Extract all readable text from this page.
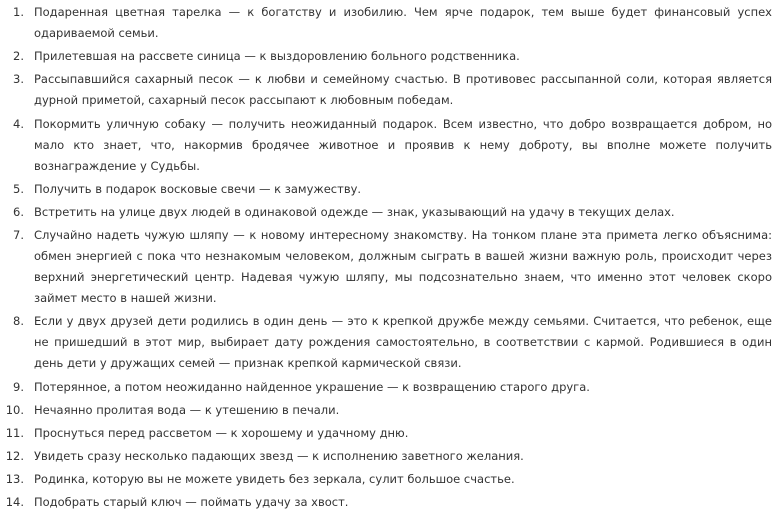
1. Подаренная цветная тарелка — к богатству и изобилию. Чем ярче подарок, тем выше будет финансовый успех одариваемой семьи.
2. Прилетевшая на рассвете синица — к выздоровлению больного родственника.
3. Рассыпавшийся сахарный песок — к любви и семейному счастью. В противовес рассыпанной соли, которая является дурной приметой, сахарный песок рассыпают к любовным победам.
4. Покормить уличную собаку — получить неожиданный подарок. Всем известно, что добро возвращается добром, но мало кто знает, что, накормив бродячее животное и проявив к нему доброту, вы вполне можете получить вознаграждение у Судьбы.
5. Получить в подарок восковые свечи — к замужеству.
6. Встретить на улице двух людей в одинаковой одежде — знак, указывающий на удачу в текущих делах.
7. Случайно надеть чужую шляпу — к новому интересному знакомству. На тонком плане эта примета легко объяснима: обмен энергией с пока что незнакомым человеком, должным сыграть в вашей жизни важную роль, происходит через верхний энергетический центр. Надевая чужую шляпу, мы подсознательно знаем, что именно этот человек скоро займет место в нашей жизни.
8. Если у двух друзей дети родились в один день — это к крепкой дружбе между семьями. Считается, что ребенок, еще не пришедший в этот мир, выбирает дату рождения самостоятельно, в соответствии с кармой. Родившиеся в один день дети у дружащих семей — признак крепкой кармической связи.
9. Потерянное, а потом неожиданно найденное украшение — к возвращению старого друга.
10. Нечаянно пролитая вода — к утешению в печали.
11. Проснуться перед рассветом — к хорошему и удачному дню.
12. Увидеть сразу несколько падающих звезд — к исполнению заветного желания.
13. Родинка, которую вы не можете увидеть без зеркала, сулит большое счастье.
14. Подобрать старый ключ — поймать удачу за хвост.
